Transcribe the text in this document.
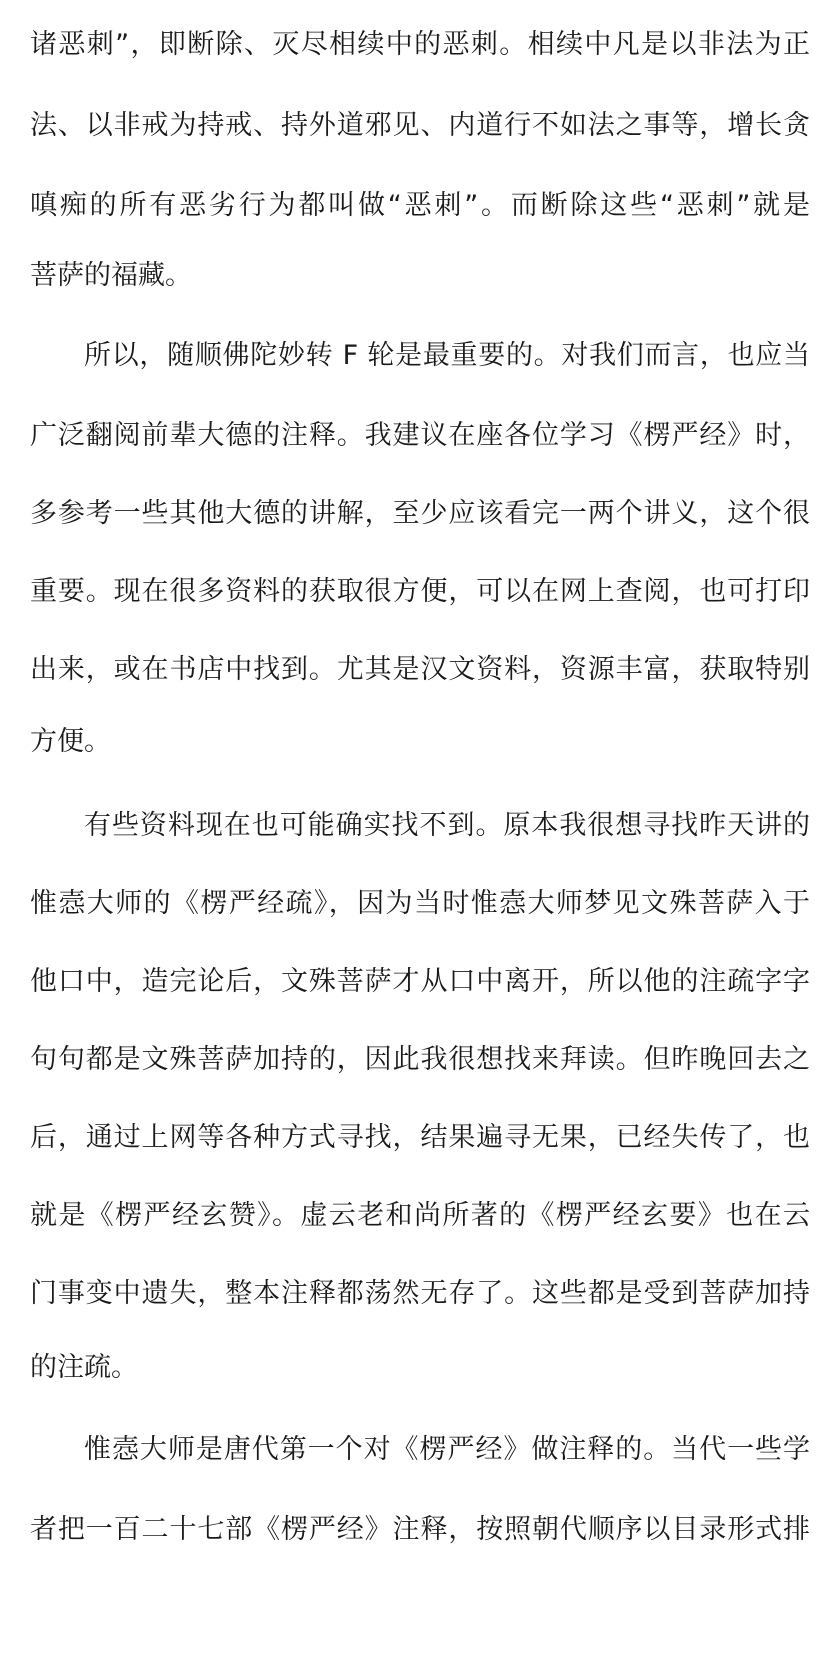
诸恶刺”，即断除、灭尽相续中的恶刺。相续中凡是以非法为正
法、以非戒为持戒、持外道邪见、内道行不如法之事等，增长贪
嗔痴的所有恶劣行为都叫做“恶刺”。而断除这些“恶刺”就是
菩萨的福藏。
所以，随顺佛陀妙转 F 轮是最重要的。对我们而言，也应当
广泛翻阅前辈大德的注释。我建议在座各位学习《楞严经》时，
多参考一些其他大德的讲解，至少应该看完一两个讲义，这个很
重要。现在很多资料的获取很方便，可以在网上查阅，也可打印
出来，或在书店中找到。尤其是汉文资料，资源丰富，获取特别
方便。
有些资料现在也可能确实找不到。原本我很想寻找昨天讲的
惟悫大师的《楞严经疏》，因为当时惟悫大师梦见文殊菩萨入于
他口中，造完论后，文殊菩萨才从口中离开，所以他的注疏字字
句句都是文殊菩萨加持的，因此我很想找来拜读。但昨晚回去之
后，通过上网等各种方式寻找，结果遍寻无果，已经失传了，也
就是《楞严经玄赞》。虚云老和尚所著的《楞严经玄要》也在云
门事变中遗失，整本注释都荡然无存了。这些都是受到菩萨加持
的注疏。
惟悫大师是唐代第一个对《楞严经》做注释的。当代一些学
者把一百二十七部《楞严经》注释，按照朝代顺序以目录形式排
